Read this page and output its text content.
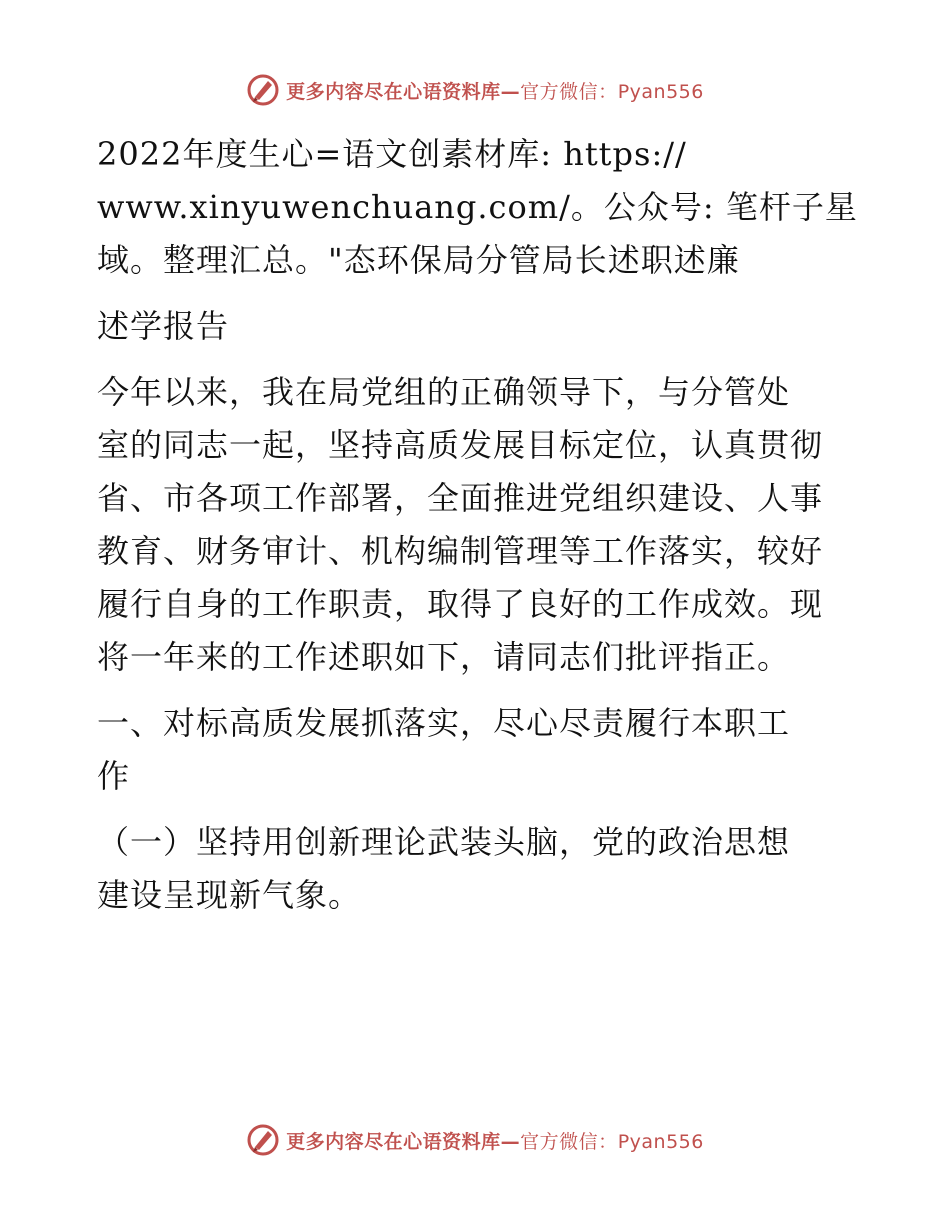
更多内容尽在心语资料库—官方微信：Pyan556

2022年度生心=语文创素材库: https://
www.xinyuwenchuang.com/。公众号: 笔杆子星
域。整理汇总。"态环保局分管局长述职述廉

述学报告

今年以来，我在局党组的正确领导下，与分管处
室的同志一起，坚持高质发展目标定位，认真贯彻
省、市各项工作部署，全面推进党组织建设、人事
教育、财务审计、机构编制管理等工作落实，较好
履行自身的工作职责，取得了良好的工作成效。现
将一年来的工作述职如下，请同志们批评指正。

一、对标高质发展抓落实，尽心尽责履行本职工
作

（一）坚持用创新理论武装头脑，党的政治思想
建设呈现新气象。

更多内容尽在心语资料库—官方微信：Pyan556
